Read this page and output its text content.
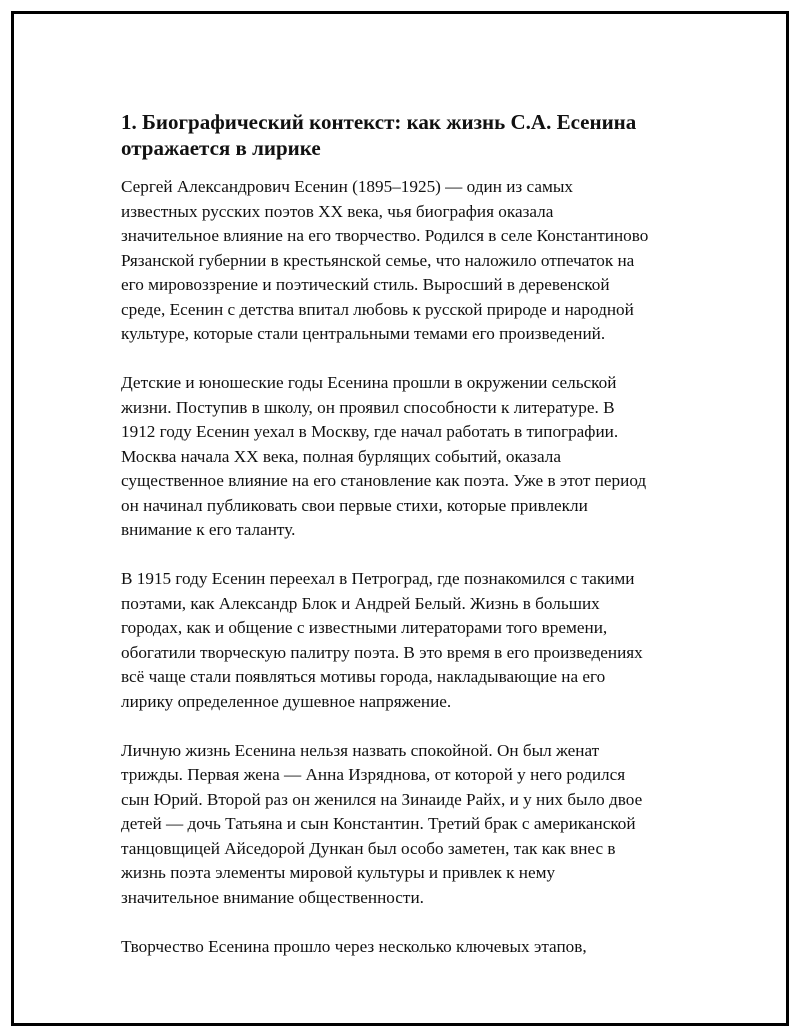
1. Биографический контекст: как жизнь С.А. Есенина
отражается в лирике

Сергей Александрович Есенин (1895–1925) — один из самых
известных русских поэтов XX века, чья биография оказала
значительное влияние на его творчество. Родился в селе Константиново
Рязанской губернии в крестьянской семье, что наложило отпечаток на
его мировоззрение и поэтический стиль. Выросший в деревенской
среде, Есенин с детства впитал любовь к русской природе и народной
культуре, которые стали центральными темами его произведений.

Детские и юношеские годы Есенина прошли в окружении сельской
жизни. Поступив в школу, он проявил способности к литературе. В
1912 году Есенин уехал в Москву, где начал работать в типографии.
Москва начала XX века, полная бурлящих событий, оказала
существенное влияние на его становление как поэта. Уже в этот период
он начинал публиковать свои первые стихи, которые привлекли
внимание к его таланту.

В 1915 году Есенин переехал в Петроград, где познакомился с такими
поэтами, как Александр Блок и Андрей Белый. Жизнь в больших
городах, как и общение с известными литераторами того времени,
обогатили творческую палитру поэта. В это время в его произведениях
всё чаще стали появляться мотивы города, накладывающие на его
лирику определенное душевное напряжение.

Личную жизнь Есенина нельзя назвать спокойной. Он был женат
трижды. Первая жена — Анна Изряднова, от которой у него родился
сын Юрий. Второй раз он женился на Зинаиде Райх, и у них было двое
детей — дочь Татьяна и сын Константин. Третий брак с американской
танцовщицей Айседорой Дункан был особо заметен, так как внес в
жизнь поэта элементы мировой культуры и привлек к нему
значительное внимание общественности.

Творчество Есенина прошло через несколько ключевых этапов,
